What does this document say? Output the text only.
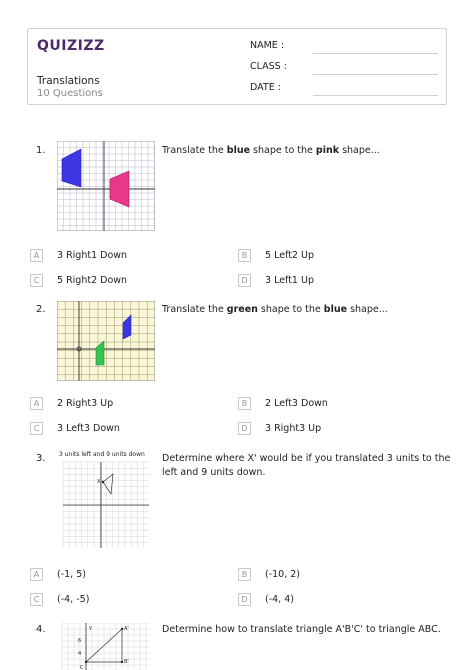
QUIZIZZ
Translations
10 Questions
NAME :
CLASS :
DATE :
1.	Translate the blue shape to the pink shape...
A	3 Right1 Down	B	5 Left2 Up
C	5 Right2 Down	D	3 Left1 Up
2.	Translate the green shape to the blue shape...
A	2 Right3 Up	B	2 Left3 Down
C	3 Left3 Down	D	3 Right3 Up
3.	Determine where X' would be if you translated 3 units to the left and 9 units down.
3 units left and 9 units down
X
A	(-1, 5)	B	(-10, 2)
C	(-4, -5)	D	(-4, 4)
4.	Determine how to translate triangle A'B'C' to triangle ABC.
y	A'
B'
C
6
4
